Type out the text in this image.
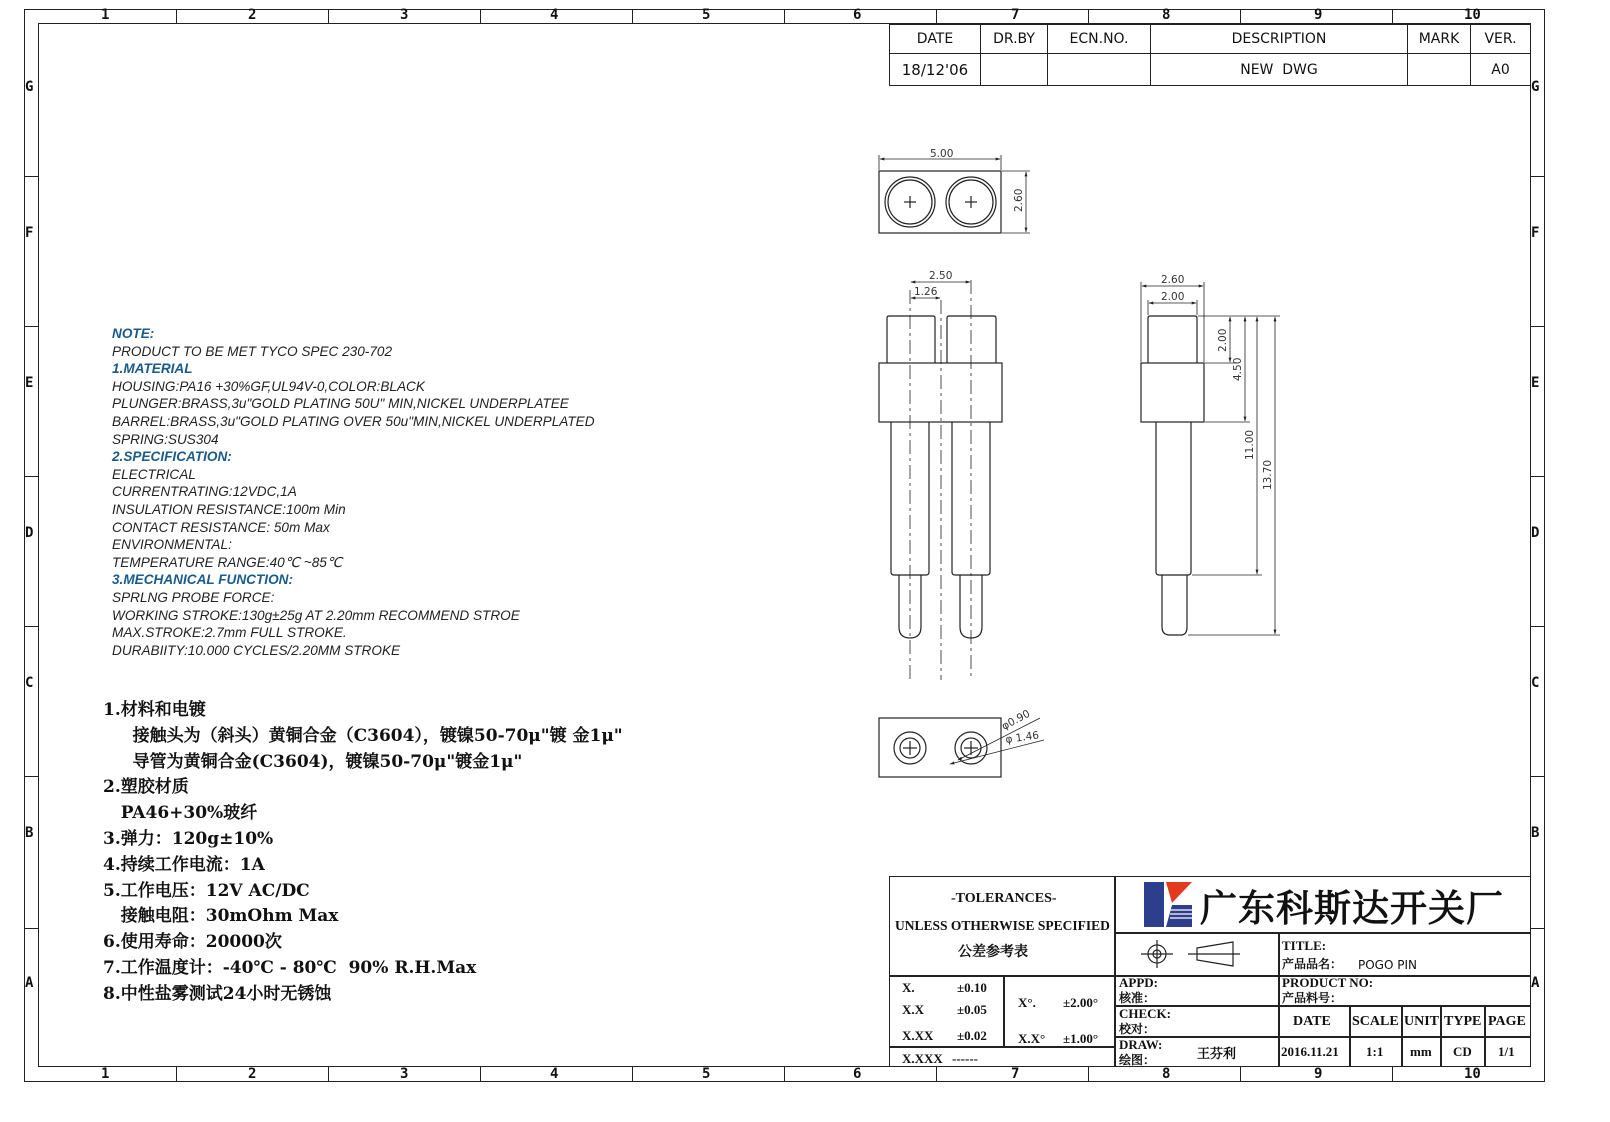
1
1
2
2
3
3
4
4
5
5
6
6
7
7
8
8
9
9
10
10
G	G
F	F
E	E
D	D
C	C
B	B
A	A
DATE	DR.BY	ECN.NO.	DESCRIPTION	MARK	VER.
18/12'06			NEW  DWG		A0
5.00
2.60
2.50
1.26
2.60
2.00
2.00
4.50
11.00
13.70
φ0.90
φ 1.46
NOTE:
PRODUCT TO BE MET TYCO SPEC 230-702
1.MATERIAL
HOUSING:PA16 +30%GF,UL94V-0,COLOR:BLACK
PLUNGER:BRASS,3u"GOLD PLATING 50U" MIN,NICKEL UNDERPLATEE
BARREL:BRASS,3u"GOLD PLATING OVER 50u"MIN,NICKEL UNDERPLATED
SPRING:SUS304
2.SPECIFICATION:
ELECTRICAL
CURRENTRATING:12VDC,1A
INSULATION RESISTANCE:100m Min
CONTACT RESISTANCE: 50m Max
ENVIRONMENTAL:
TEMPERATURE RANGE:40℃ ~85℃
3.MECHANICAL FUNCTION:
SPRLNG PROBE FORCE:
WORKING STROKE:130g±25g AT 2.20mm RECOMMEND STROE
MAX.STROKE:2.7mm FULL STROKE.
DURABIITY:10.000 CYCLES/2.20MM STROKE
1.材料和电镀
接触头为（斜头）黄铜合金（C3604），镀镍50-70μ"镀 金1μ"
导管为黄铜合金(C3604)，镀镍50-70μ"镀金1μ"
2.塑胶材质
PA46+30%玻纤
3.弹力：120g±10%
4.持续工作电流：1A
5.工作电压：12V AC/DC
接触电阻：30mOhm Max
6.使用寿命：20000次
7.工作温度计：-40℃ - 80℃  90% R.H.Max
8.中性盐雾测试24小时无锈蚀
-TOLERANCES-
UNLESS OTHERWISE SPECIFIED
公差参考表
X.	±0.10
X.X	±0.05
X.XX ±0.02
X.XXX ------
X°. ±2.00°
X.X° ±1.00°
广东科斯达开关厂
TITLE:
产品品名： POGO PIN
PRODUCT NO:
产品料号：
APPD:
核准：
CHECK:
校对：
DRAW:
绘图：	王芬利
DATE SCALE UNIT TYPE PAGE
2016.11.21 1:1 mm CD 1/1
